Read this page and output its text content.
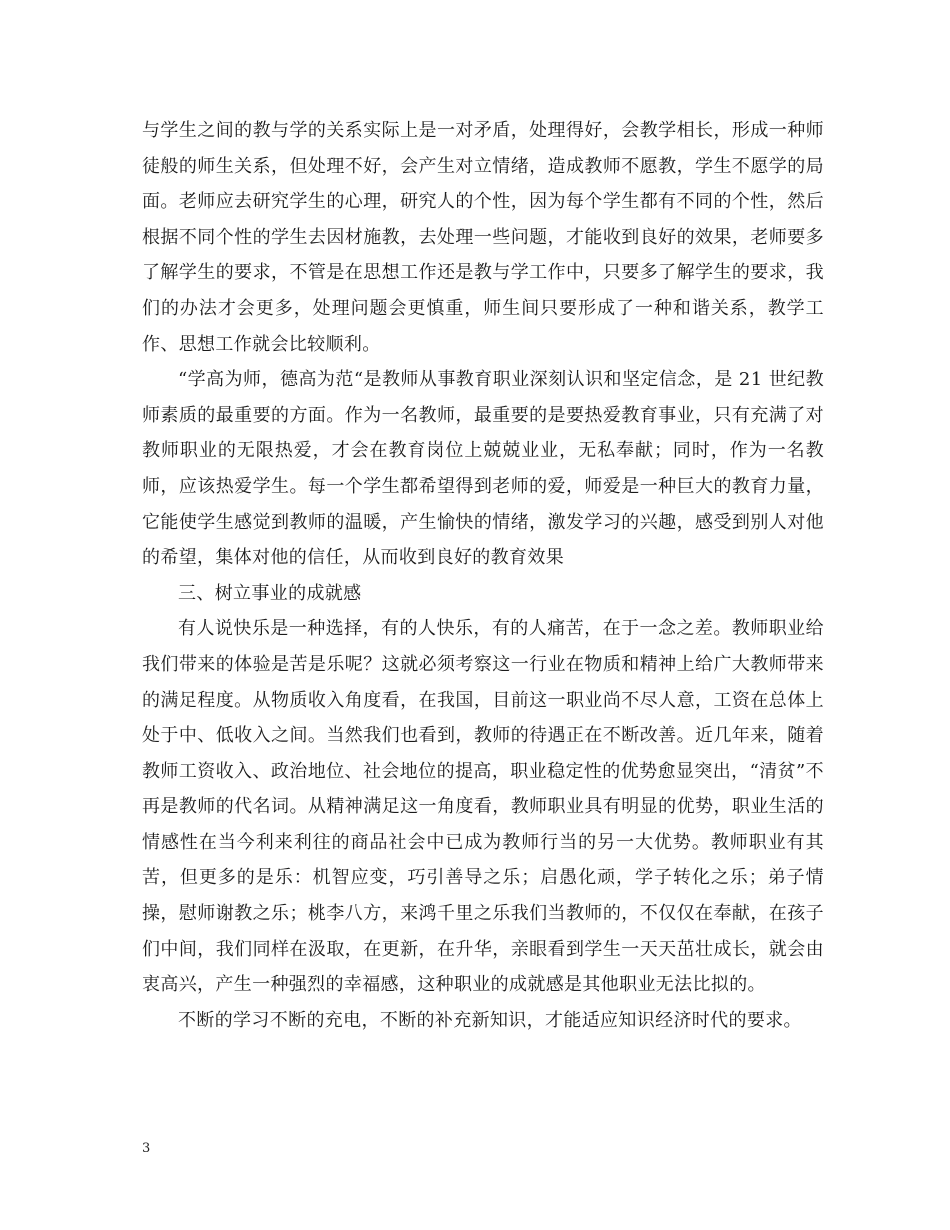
与学生之间的教与学的关系实际上是一对矛盾，处理得好，会教学相长，形成一种师徒般的师生关系，但处理不好，会产生对立情绪，造成教师不愿教，学生不愿学的局面。老师应去研究学生的心理，研究人的个性，因为每个学生都有不同的个性，然后根据不同个性的学生去因材施教，去处理一些问题，才能收到良好的效果，老师要多了解学生的要求，不管是在思想工作还是教与学工作中，只要多了解学生的要求，我们的办法才会更多，处理问题会更慎重，师生间只要形成了一种和谐关系，教学工作、思想工作就会比较顺利。

“学高为师，德高为范“是教师从事教育职业深刻认识和坚定信念，是 21 世纪教师素质的最重要的方面。作为一名教师，最重要的是要热爱教育事业，只有充满了对教师职业的无限热爱，才会在教育岗位上兢兢业业，无私奉献；同时，作为一名教师，应该热爱学生。每一个学生都希望得到老师的爱，师爱是一种巨大的教育力量，它能使学生感觉到教师的温暖，产生愉快的情绪，激发学习的兴趣，感受到别人对他的希望，集体对他的信任，从而收到良好的教育效果

三、树立事业的成就感

有人说快乐是一种选择，有的人快乐，有的人痛苦，在于一念之差。教师职业给我们带来的体验是苦是乐呢？这就必须考察这一行业在物质和精神上给广大教师带来的满足程度。从物质收入角度看，在我国，目前这一职业尚不尽人意，工资在总体上处于中、低收入之间。当然我们也看到，教师的待遇正在不断改善。近几年来，随着教师工资收入、政治地位、社会地位的提高，职业稳定性的优势愈显突出，“清贫”不再是教师的代名词。从精神满足这一角度看，教师职业具有明显的优势，职业生活的情感性在当今利来利往的商品社会中已成为教师行当的另一大优势。教师职业有其苦，但更多的是乐：机智应变，巧引善导之乐；启愚化顽，学子转化之乐；弟子情操，慰师谢教之乐；桃李八方，来鸿千里之乐我们当教师的，不仅仅在奉献，在孩子们中间，我们同样在汲取，在更新，在升华，亲眼看到学生一天天茁壮成长，就会由衷高兴，产生一种强烈的幸福感，这种职业的成就感是其他职业无法比拟的。

不断的学习不断的充电，不断的补充新知识，才能适应知识经济时代的要求。

3
